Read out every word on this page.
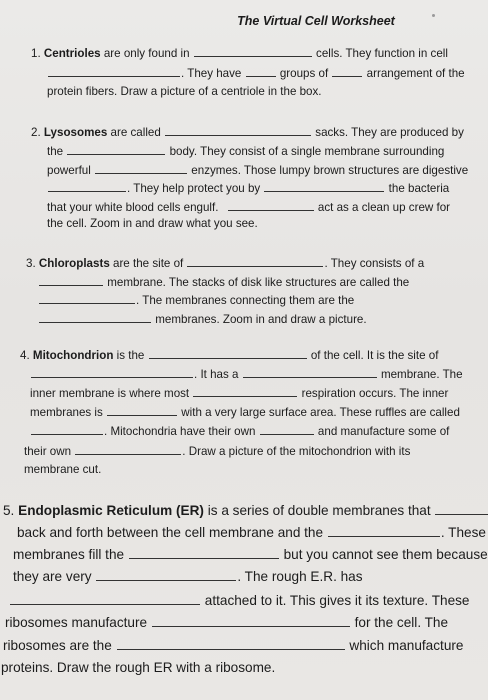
The Virtual Cell Worksheet
1. Centrioles are only found in	cells. They function in cell
. They have	groups of	arrangement of the
protein fibers. Draw a picture of a centriole in the box.
2. Lysosomes are called	sacks. They are produced by
the	body. They consist of a single membrane surrounding
powerful	enzymes. Those lumpy brown structures are digestive
. They help protect you by	the bacteria
that your white blood cells engulf.	act as a clean up crew for
the cell. Zoom in and draw what you see.
3. Chloroplasts are the site of	. They consists of a
membrane. The stacks of disk like structures are called the
. The membranes connecting them are the
membranes. Zoom in and draw a picture.
4. Mitochondrion is the	of the cell. It is the site of
. It has a	membrane. The
inner membrane is where most	respiration occurs. The inner
membranes is	with a very large surface area. These ruffles are called
. Mitochondria have their own	and manufacture some of
their own	. Draw a picture of the mitochondrion with its
membrane cut.
5. Endoplasmic Reticulum (ER) is a series of double membranes that
back and forth between the cell membrane and the	. These
membranes fill the	but you cannot see them because
they are very	. The rough E.R. has
attached to it. This gives it its texture. These
ribosomes manufacture	for the cell. The
ribosomes are the	which manufacture
proteins. Draw the rough ER with a ribosome.
